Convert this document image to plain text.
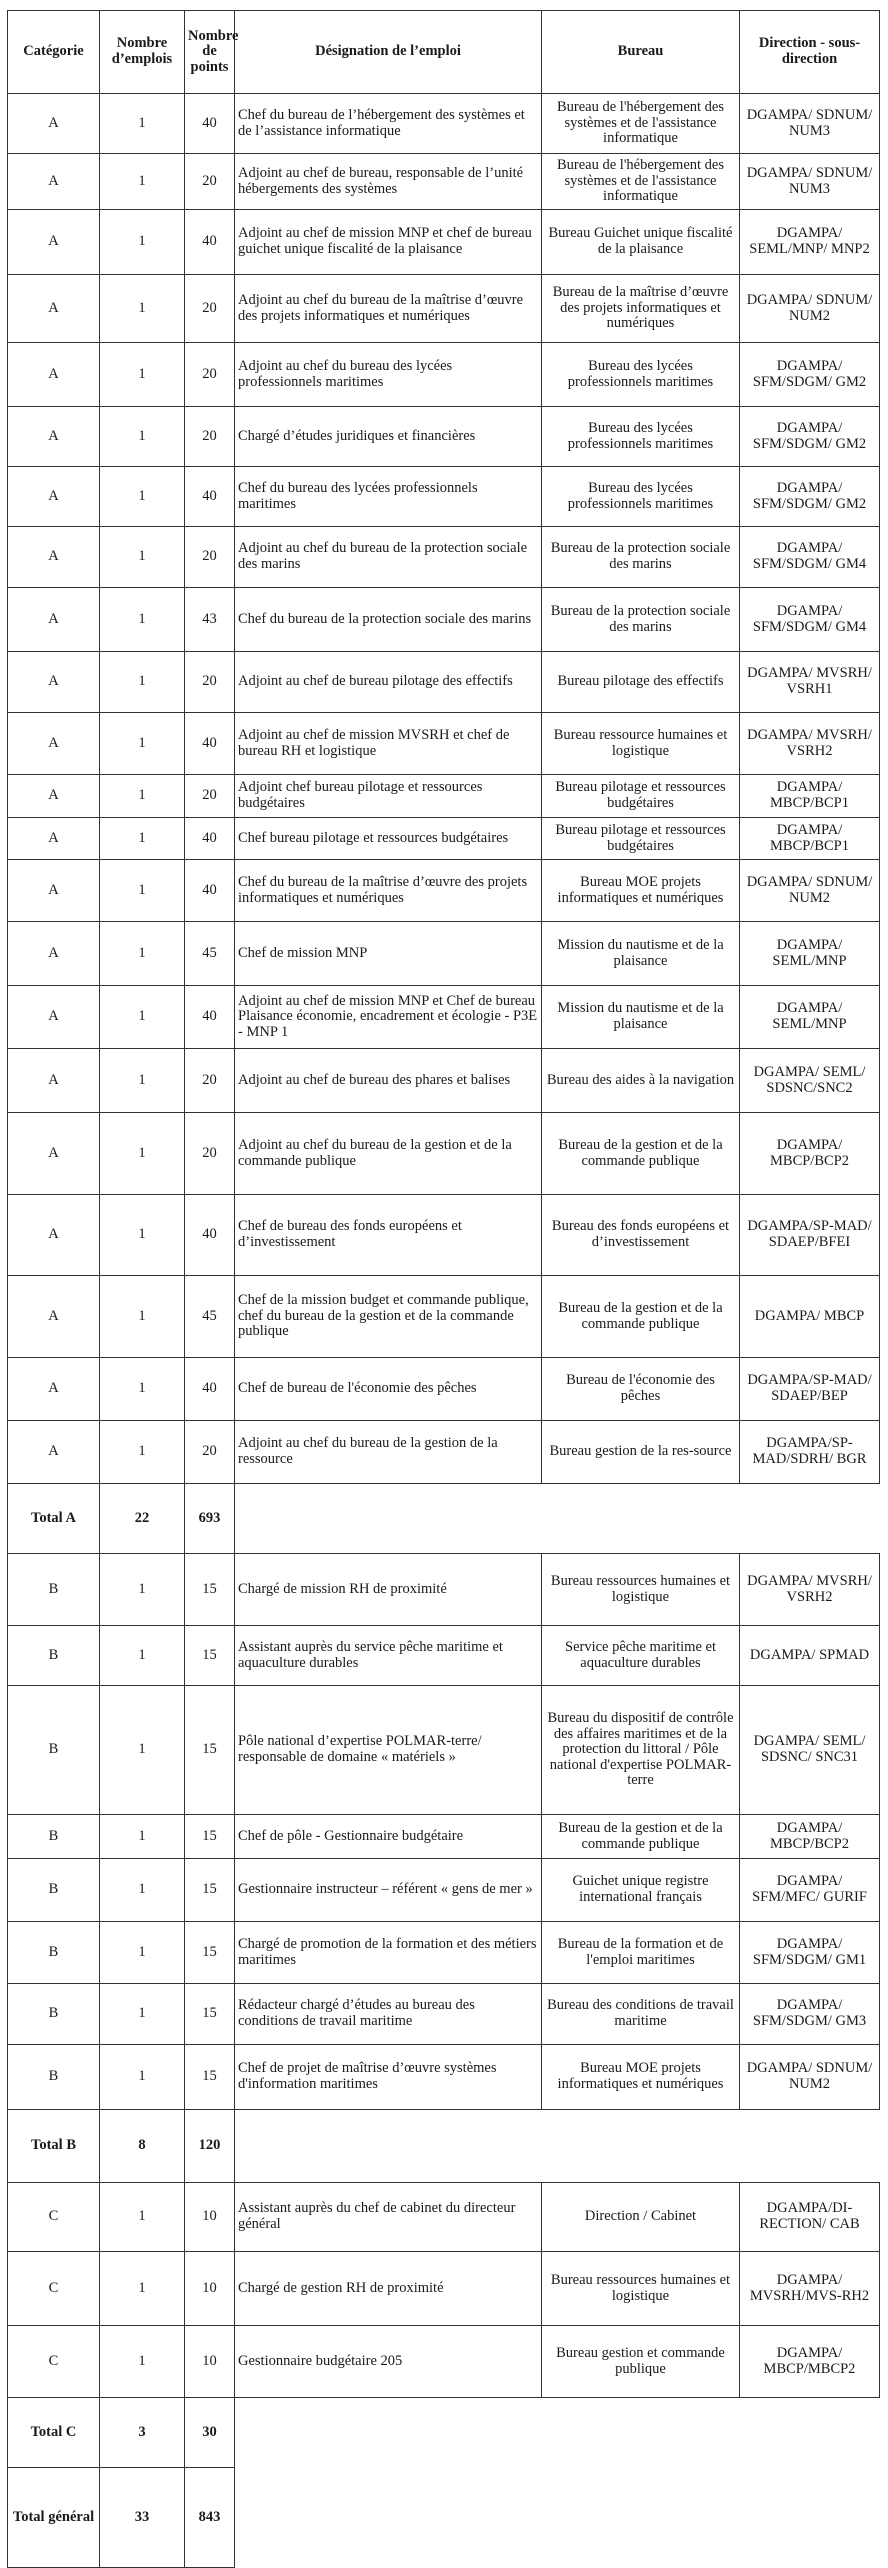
Catégorie	Nombre d’emplois	Nombre de points	Désignation de l’emploi	Bureau	Direction - sous-direction
A	1	40	Chef du bureau de l’hébergement des systèmes et de l’assistance informatique	Bureau de l'hébergement des systèmes et de l'assistance informatique	DGAMPA/ SDNUM/ NUM3
A	1	20	Adjoint au chef de bureau, responsable de l’unité hébergements des systèmes	Bureau de l'hébergement des systèmes et de l'assistance informatique	DGAMPA/ SDNUM/ NUM3
A	1	40	Adjoint au chef de mission MNP et chef de bureau guichet unique fiscalité de la plaisance	Bureau Guichet unique fiscalité de la plaisance	DGAMPA/ SEML/MNP/ MNP2
A	1	20	Adjoint au chef du bureau de la maîtrise d’œuvre des projets informatiques et numériques	Bureau de la maîtrise d’œuvre des projets informatiques et numériques	DGAMPA/ SDNUM/ NUM2
A	1	20	Adjoint au chef du bureau des lycées professionnels maritimes	Bureau des lycées professionnels maritimes	DGAMPA/ SFM/SDGM/ GM2
A	1	20	Chargé d’études juridiques et financières	Bureau des lycées professionnels maritimes	DGAMPA/ SFM/SDGM/ GM2
A	1	40	Chef du bureau des lycées professionnels maritimes	Bureau des lycées professionnels maritimes	DGAMPA/ SFM/SDGM/ GM2
A	1	20	Adjoint au chef du bureau de la protection sociale des marins	Bureau de la protection sociale des marins	DGAMPA/ SFM/SDGM/ GM4
A	1	43	Chef du bureau de la protection sociale des marins	Bureau de la protection sociale des marins	DGAMPA/ SFM/SDGM/ GM4
A	1	20	Adjoint au chef de bureau pilotage des effectifs	Bureau pilotage des effectifs	DGAMPA/ MVSRH/ VSRH1
A	1	40	Adjoint au chef de mission MVSRH et chef de bureau RH et logistique	Bureau ressource humaines et logistique	DGAMPA/ MVSRH/ VSRH2
A	1	20	Adjoint chef bureau pilotage et ressources budgétaires	Bureau pilotage et ressources budgétaires	DGAMPA/ MBCP/BCP1
A	1	40	Chef bureau pilotage et ressources budgétaires	Bureau pilotage et ressources budgétaires	DGAMPA/ MBCP/BCP1
A	1	40	Chef du bureau de la maîtrise d’œuvre des projets informatiques et numériques	Bureau MOE projets informatiques et numériques	DGAMPA/ SDNUM/ NUM2
A	1	45	Chef de mission MNP	Mission du nautisme et de la plaisance	DGAMPA/ SEML/MNP
A	1	40	Adjoint au chef de mission MNP et Chef de bureau Plaisance économie, encadrement et écologie - P3E - MNP 1	Mission du nautisme et de la plaisance	DGAMPA/ SEML/MNP
A	1	20	Adjoint au chef de bureau des phares et balises	Bureau des aides à la navigation	DGAMPA/ SEML/ SDSNC/SNC2
A	1	20	Adjoint au chef du bureau de la gestion et de la commande publique	Bureau de la gestion et de la commande publique	DGAMPA/ MBCP/BCP2
A	1	40	Chef de bureau des fonds européens et d’investissement	Bureau des fonds européens et d’investissement	DGAMPA/SP-MAD/ SDAEP/BFEI
A	1	45	Chef de la mission budget et commande publique, chef du bureau de la gestion et de la commande publique	Bureau de la gestion et de la commande publique	DGAMPA/ MBCP
A	1	40	Chef de bureau de l'économie des pêches	Bureau de l'économie des pêches	DGAMPA/SP-MAD/ SDAEP/BEP
A	1	20	Adjoint au chef du bureau de la gestion de la ressource	Bureau gestion de la res-source	DGAMPA/SP-MAD/SDRH/ BGR
Total A	22	693			
B	1	15	Chargé de mission RH de proximité	Bureau ressources humaines et logistique	DGAMPA/ MVSRH/ VSRH2
B	1	15	Assistant auprès du service pêche maritime et aquaculture durables	Service pêche maritime et aquaculture durables	DGAMPA/ SPMAD
B	1	15	Pôle national d’expertise POLMAR-terre/ responsable de domaine « matériels »	Bureau du dispositif de contrôle des affaires maritimes et de la protection du littoral / Pôle national d'expertise POLMAR-terre	DGAMPA/ SEML/ SDSNC/ SNC31
B	1	15	Chef de pôle - Gestionnaire budgétaire	Bureau de la gestion et de la commande publique	DGAMPA/ MBCP/BCP2
B	1	15	Gestionnaire instructeur – référent « gens de mer »	Guichet unique registre international français	DGAMPA/ SFM/MFC/ GURIF
B	1	15	Chargé de promotion de la formation et des métiers maritimes	Bureau de la formation et de l'emploi maritimes	DGAMPA/ SFM/SDGM/ GM1
B	1	15	Rédacteur chargé d’études au bureau des conditions de travail maritime	Bureau des conditions de travail maritime	DGAMPA/ SFM/SDGM/ GM3
B	1	15	Chef de projet de maîtrise d’œuvre systèmes d'information maritimes	Bureau MOE projets informatiques et numériques	DGAMPA/ SDNUM/ NUM2
Total B	8	120			
C	1	10	Assistant auprès du chef de cabinet du directeur général	Direction / Cabinet	DGAMPA/DI-RECTION/ CAB
C	1	10	Chargé de gestion RH de proximité	Bureau ressources humaines et logistique	DGAMPA/ MVSRH/MVS-RH2
C	1	10	Gestionnaire budgétaire 205	Bureau gestion et commande publique	DGAMPA/ MBCP/MBCP2
Total C	3	30			
Total général	33	843			
